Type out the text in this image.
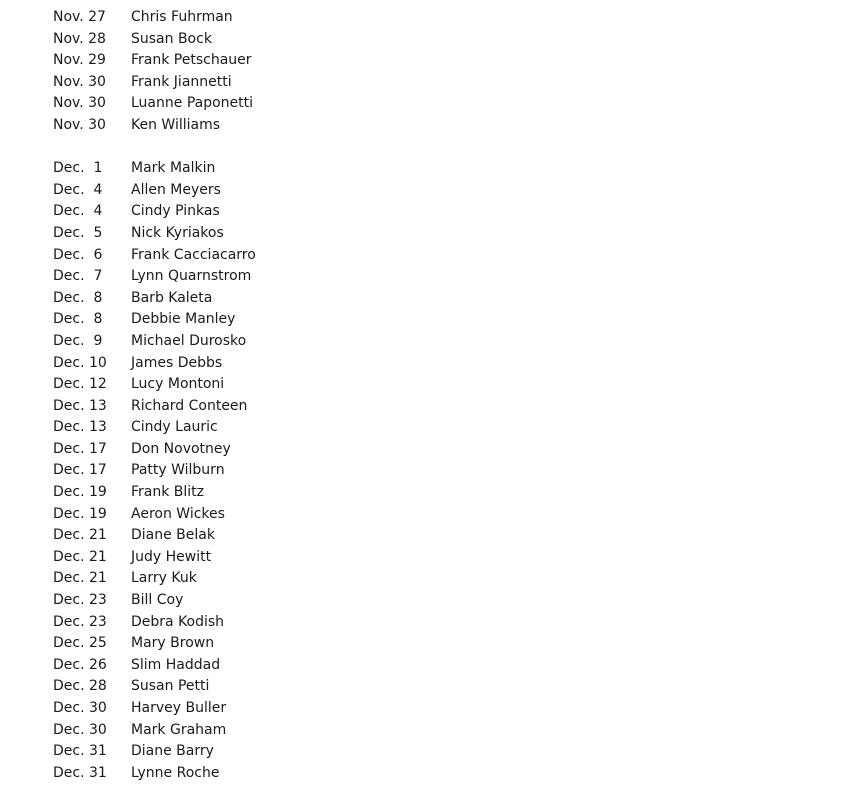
Nov. 27	Chris Fuhrman
Nov. 28	Susan Bock
Nov. 29	Frank Petschauer
Nov. 30	Frank Jiannetti
Nov. 30	Luanne Paponetti
Nov. 30	Ken Williams
Dec.  1	Mark Malkin
Dec.  4	Allen Meyers
Dec.  4	Cindy Pinkas
Dec.  5	Nick Kyriakos
Dec.  6	Frank Cacciacarro
Dec.  7	Lynn Quarnstrom
Dec.  8	Barb Kaleta
Dec.  8	Debbie Manley
Dec.  9	Michael Durosko
Dec. 10	James Debbs
Dec. 12	Lucy Montoni
Dec. 13	Richard Conteen
Dec. 13	Cindy Lauric
Dec. 17	Don Novotney
Dec. 17	Patty Wilburn
Dec. 19	Frank Blitz
Dec. 19	Aeron Wickes
Dec. 21	Diane Belak
Dec. 21	Judy Hewitt
Dec. 21	Larry Kuk
Dec. 23	Bill Coy
Dec. 23	Debra Kodish
Dec. 25	Mary Brown
Dec. 26	Slim Haddad
Dec. 28	Susan Petti
Dec. 30	Harvey Buller
Dec. 30	Mark Graham
Dec. 31	Diane Barry
Dec. 31	Lynne Roche
